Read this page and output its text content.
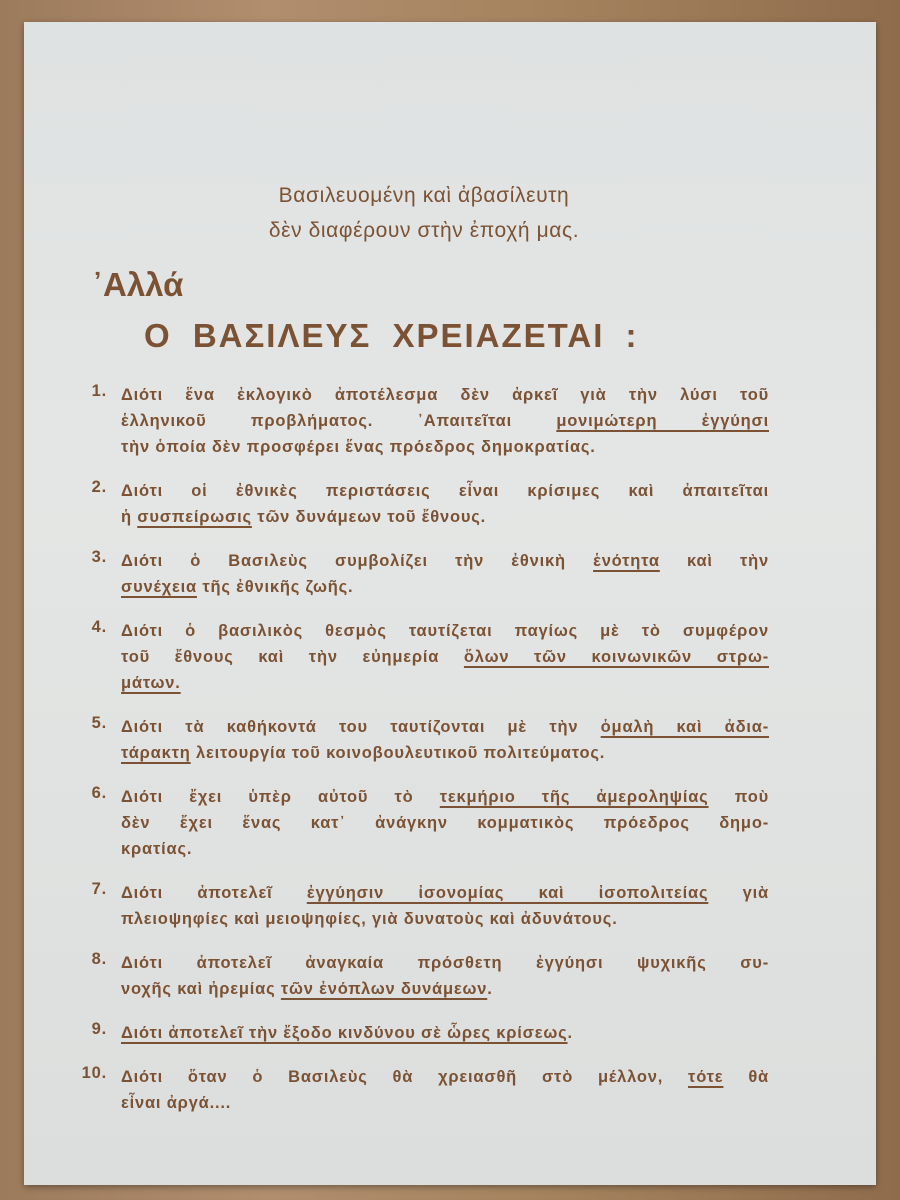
Βασιλευομένη καὶ ἀβασίλευτη
δὲν διαφέρουν στὴν ἐποχή μας.
᾿Αλλά
Ο ΒΑΣΙΛΕΥΣ ΧΡΕΙΑΖΕΤΑΙ :
1. Διότι ἕνα ἐκλογικὸ ἀποτέλεσμα δὲν ἀρκεῖ γιὰ τὴν λύσι τοῦ
ἑλληνικοῦ προβλήματος. ᾿Απαιτεῖται μονιμώτερη ἐγγύησι
τὴν ὁποία δὲν προσφέρει ἕνας πρόεδρος δημοκρατίας.
2. Διότι οἱ ἐθνικὲς περιστάσεις εἶναι κρίσιμες καὶ ἀπαιτεῖται
ἡ συσπείρωσις τῶν δυνάμεων τοῦ ἔθνους.
3. Διότι ὁ Βασιλεὺς συμβολίζει τὴν ἐθνικὴ ἑνότητα καὶ τὴν
συνέχεια τῆς ἐθνικῆς ζωῆς.
4. Διότι ὁ βασιλικὸς θεσμὸς ταυτίζεται παγίως μὲ τὸ συμφέρον
τοῦ ἔθνους καὶ τὴν εὐημερία ὅλων τῶν κοινωνικῶν στρω-
μάτων.
5. Διότι τὰ καθήκοντά του ταυτίζονται μὲ τὴν ὁμαλὴ καὶ ἀδια-
τάρακτη λειτουργία τοῦ κοινοβουλευτικοῦ πολιτεύματος.
6. Διότι ἔχει ὑπὲρ αὐτοῦ τὸ τεκμήριο τῆς ἀμεροληψίας ποὺ
δὲν ἔχει ἕνας κατ᾿ ἀνάγκην κομματικὸς πρόεδρος δημο-
κρατίας.
7. Διότι ἀποτελεῖ ἐγγύησιν ἰσονομίας καὶ ἰσοπολιτείας γιὰ
πλειοψηφίες καὶ μειοψηφίες, γιὰ δυνατοὺς καὶ ἀδυνάτους.
8. Διότι ἀποτελεῖ ἀναγκαία πρόσθετη ἐγγύησι ψυχικῆς συ-
νοχῆς καὶ ἠρεμίας τῶν ἐνόπλων δυνάμεων.
9. Διότι ἀποτελεῖ τὴν ἔξοδο κινδύνου σὲ ὧρες κρίσεως.
10. Διότι ὅταν ὁ Βασιλεὺς θὰ χρειασθῆ στὸ μέλλον, τότε θὰ
εἶναι ἀργά....
